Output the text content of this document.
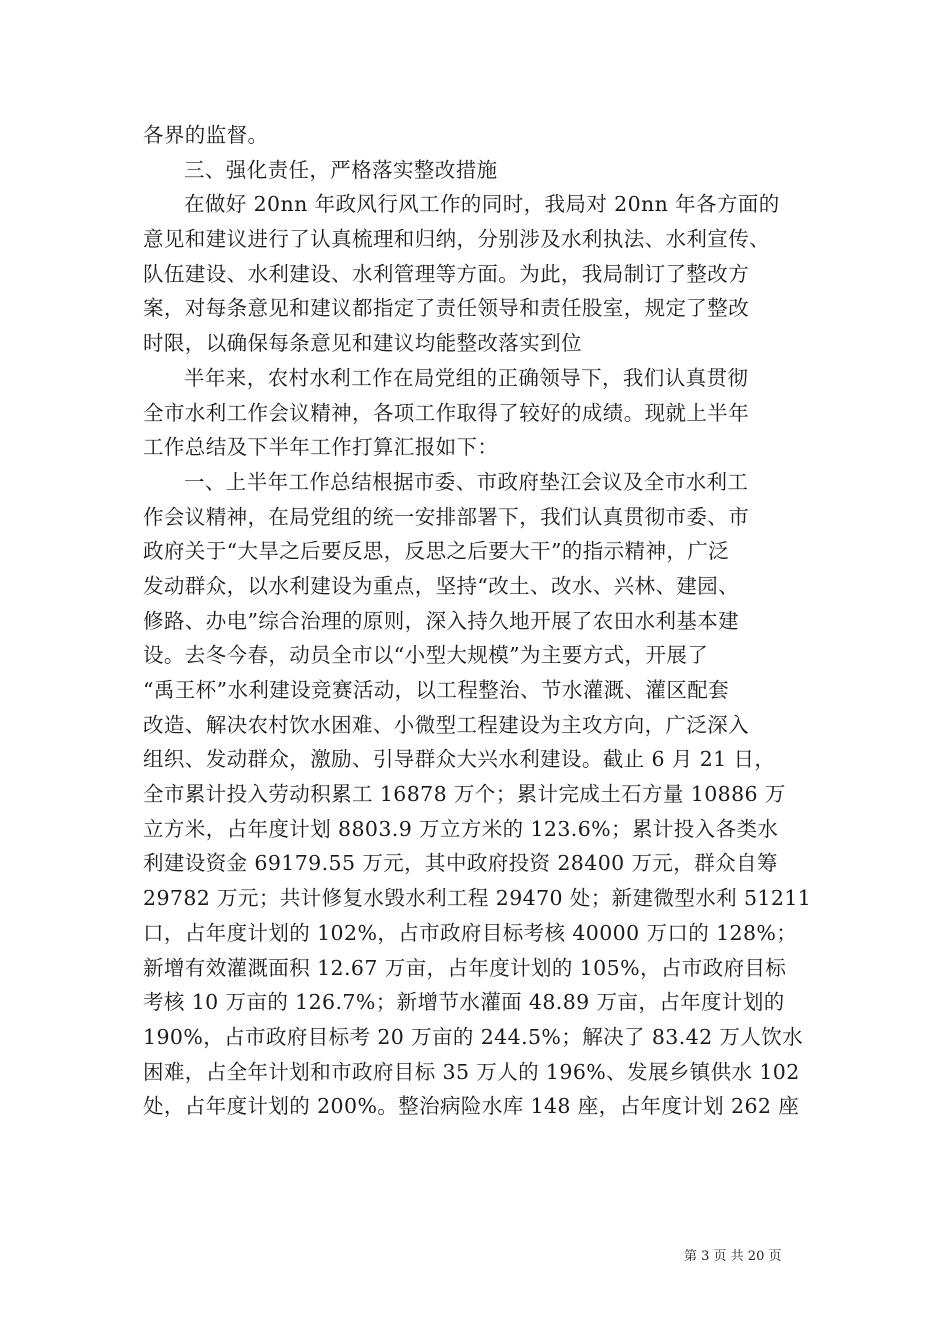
各界的监督。
三、强化责任，严格落实整改措施
在做好 20nn 年政风行风工作的同时，我局对 20nn 年各方面的
意见和建议进行了认真梳理和归纳，分别涉及水利执法、水利宣传、
队伍建设、水利建设、水利管理等方面。为此，我局制订了整改方
案，对每条意见和建议都指定了责任领导和责任股室，规定了整改
时限，以确保每条意见和建议均能整改落实到位
半年来，农村水利工作在局党组的正确领导下，我们认真贯彻
全市水利工作会议精神，各项工作取得了较好的成绩。现就上半年
工作总结及下半年工作打算汇报如下：
一、上半年工作总结根据市委、市政府垫江会议及全市水利工
作会议精神，在局党组的统一安排部署下，我们认真贯彻市委、市
政府关于“大旱之后要反思，反思之后要大干”的指示精神，广泛
发动群众，以水利建设为重点，坚持“改土、改水、兴林、建园、
修路、办电”综合治理的原则，深入持久地开展了农田水利基本建
设。去冬今春，动员全市以“小型大规模”为主要方式，开展了
“禹王杯”水利建设竞赛活动，以工程整治、节水灌溉、灌区配套
改造、解决农村饮水困难、小微型工程建设为主攻方向，广泛深入
组织、发动群众，激励、引导群众大兴水利建设。截止 6 月 21 日，
全市累计投入劳动积累工 16878 万个；累计完成土石方量 10886 万
立方米，占年度计划 8803.9 万立方米的 123.6%；累计投入各类水
利建设资金 69179.55 万元，其中政府投资 28400 万元，群众自筹
29782 万元；共计修复水毁水利工程 29470 处；新建微型水利 51211
口，占年度计划的 102%，占市政府目标考核 40000 万口的 128%；
新增有效灌溉面积 12.67 万亩，占年度计划的 105%，占市政府目标
考核 10 万亩的 126.7%；新增节水灌面 48.89 万亩，占年度计划的
190%，占市政府目标考 20 万亩的 244.5%；解决了 83.42 万人饮水
困难，占全年计划和市政府目标 35 万人的 196%、发展乡镇供水 102
处，占年度计划的 200%。整治病险水库 148 座，占年度计划 262 座
第 3 页 共 20 页
